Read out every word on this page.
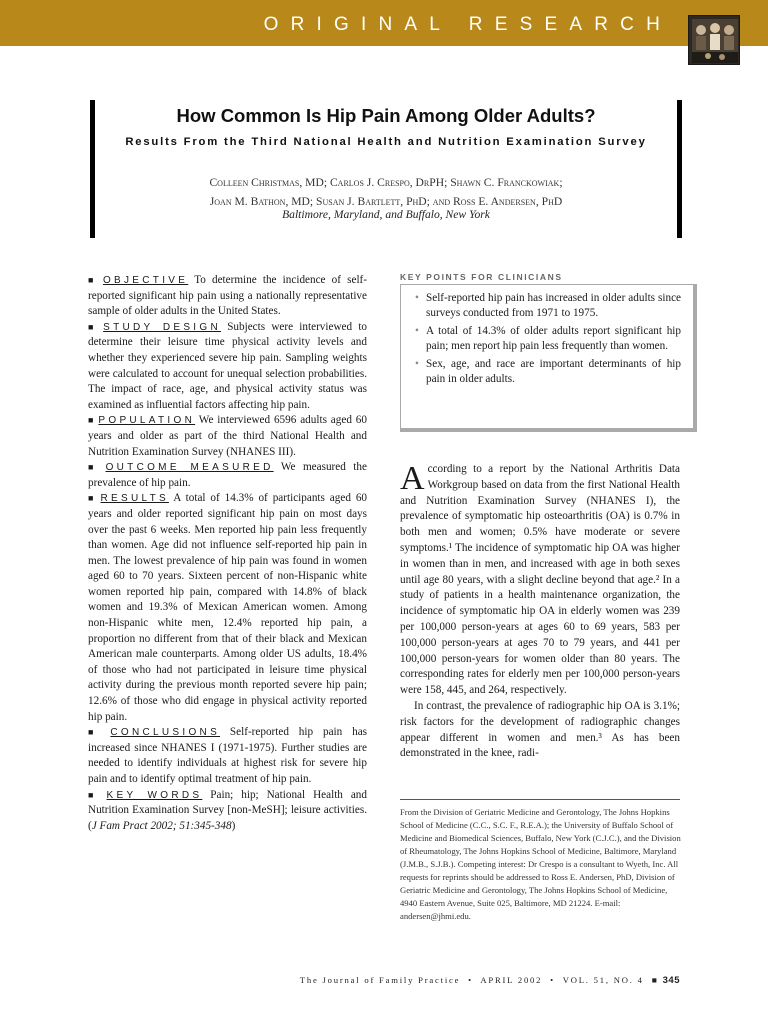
ORIGINAL RESEARCH
How Common Is Hip Pain Among Older Adults?
Results From the Third National Health and Nutrition Examination Survey
Colleen Christmas, MD; Carlos J. Crespo, DrPH; Shawn C. Franckowiak;
Joan M. Bathon, MD; Susan J. Bartlett, PhD; and Ross E. Andersen, PhD
Baltimore, Maryland, and Buffalo, New York

■ OBJECTIVE To determine the incidence of self-reported significant hip pain using a nationally representative sample of older adults in the United States.

■ STUDY DESIGN Subjects were interviewed to determine their leisure time physical activity levels and whether they experienced severe hip pain. Sampling weights were calculated to account for unequal selection probabilities. The impact of race, age, and physical activity status was examined as influential factors affecting hip pain.

■ POPULATION We interviewed 6596 adults aged 60 years and older as part of the third National Health and Nutrition Examination Survey (NHANES III).

■ OUTCOME MEASURED We measured the prevalence of hip pain.

■ RESULTS A total of 14.3% of participants aged 60 years and older reported significant hip pain on most days over the past 6 weeks. Men reported hip pain less frequently than women. Age did not influence self-reported hip pain in men. The lowest prevalence of hip pain was found in women aged 60 to 70 years. Sixteen percent of non-Hispanic white women reported hip pain, compared with 14.8% of black women and 19.3% of Mexican American women. Among non-Hispanic white men, 12.4% reported hip pain, a proportion no different from that of their black and Mexican American male counterparts. Among older US adults, 18.4% of those who had not participated in leisure time physical activity during the previous month reported severe hip pain; 12.6% of those who did engage in physical activity reported hip pain.

■ CONCLUSIONS Self-reported hip pain has increased since NHANES I (1971-1975). Further studies are needed to identify individuals at highest risk for severe hip pain and to identify optimal treatment of hip pain.

■ KEY WORDS Pain; hip; National Health and Nutrition Examination Survey [non-MeSH]; leisure activities. (J Fam Pract 2002; 51:345-348)

KEY POINTS FOR CLINICIANS
• Self-reported hip pain has increased in older adults since surveys conducted from 1971 to 1975.
• A total of 14.3% of older adults report significant hip pain; men report hip pain less frequently than women.
• Sex, age, and race are important determinants of hip pain in older adults.

According to a report by the National Arthritis Data Workgroup based on data from the first National Health and Nutrition Examination Survey (NHANES I), the prevalence of symptomatic hip osteoarthritis (OA) is 0.7% in both men and women; 0.5% have moderate or severe symptoms.¹ The incidence of symptomatic hip OA was higher in women than in men, and increased with age in both sexes until age 80 years, with a slight decline beyond that age.² In a study of patients in a health maintenance organization, the incidence of symptomatic hip OA in elderly women was 239 per 100,000 person-years at ages 60 to 69 years, 583 per 100,000 person-years at ages 70 to 79 years, and 441 per 100,000 person-years for women older than 80 years. The corresponding rates for elderly men per 100,000 person-years were 158, 445, and 264, respectively.

In contrast, the prevalence of radiographic hip OA is 3.1%; risk factors for the development of radiographic changes appear different in women and men.³ As has been demonstrated in the knee, radi-

From the Division of Geriatric Medicine and Gerontology, The Johns Hopkins School of Medicine (C.C., S.C. F., R.E.A.); the University of Buffalo School of Medicine and Biomedical Sciences, Buffalo, New York (C.J.C.), and the Division of Rheumatology, The Johns Hopkins School of Medicine, Baltimore, Maryland (J.M.B., S.J.B.). Competing interest: Dr Crespo is a consultant to Wyeth, Inc. All requests for reprints should be addressed to Ross E. Andersen, PhD, Division of Geriatric Medicine and Gerontology, The Johns Hopkins School of Medicine, 4940 Eastern Avenue, Suite 025, Baltimore, MD 21224. E-mail: andersen@jhmi.edu.
The Journal of Family Practice • APRIL 2002 • VOL. 51, NO. 4 ■ 345
